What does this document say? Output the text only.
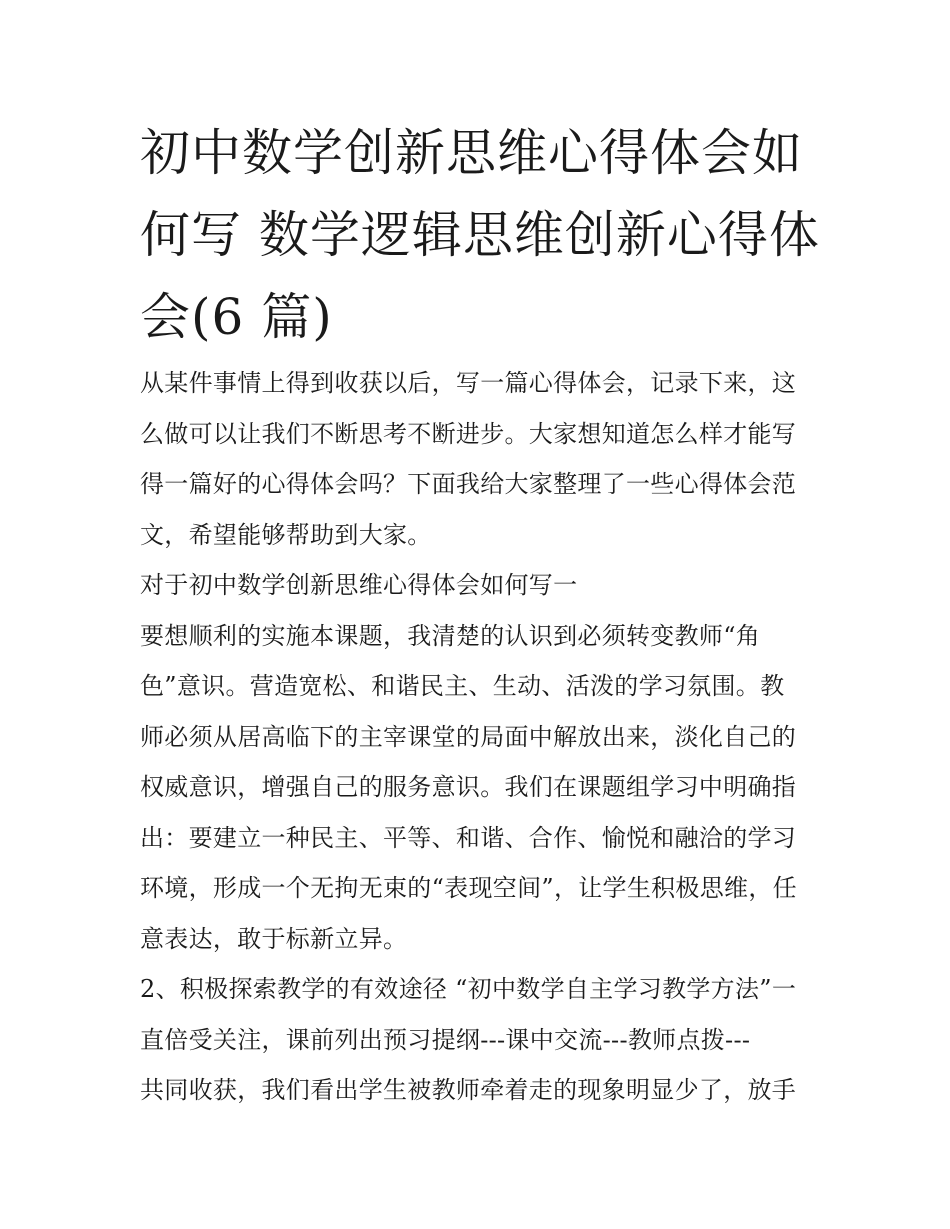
初中数学创新思维心得体会如
何写 数学逻辑思维创新心得体
会(6 篇)
从某件事情上得到收获以后，写一篇心得体会，记录下来，这
么做可以让我们不断思考不断进步。大家想知道怎么样才能写
得一篇好的心得体会吗？下面我给大家整理了一些心得体会范
文，希望能够帮助到大家。
对于初中数学创新思维心得体会如何写一
要想顺利的实施本课题，我清楚的认识到必须转变教师“角
色”意识。营造宽松、和谐民主、生动、活泼的学习氛围。教
师必须从居高临下的主宰课堂的局面中解放出来，淡化自己的
权威意识，增强自己的服务意识。我们在课题组学习中明确指
出：要建立一种民主、平等、和谐、合作、愉悦和融洽的学习
环境，形成一个无拘无束的“表现空间”，让学生积极思维，任
意表达，敢于标新立异。
2、积极探索教学的有效途径 “初中数学自主学习教学方法”一
直倍受关注，课前列出预习提纲---课中交流---教师点拨---
共同收获，我们看出学生被教师牵着走的现象明显少了，放手
